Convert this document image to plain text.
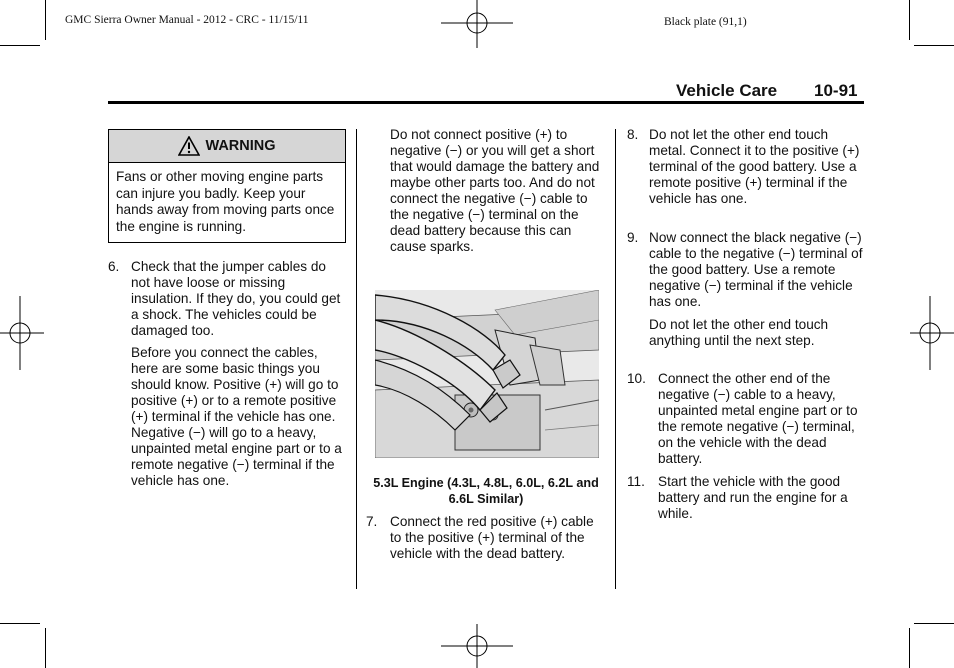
GMC Sierra Owner Manual - 2012 - CRC - 11/15/11	Black plate (91,1)
Vehicle Care 10-91
WARNING
Fans or other moving engine parts can injure you badly. Keep your hands away from moving parts once the engine is running.
6. Check that the jumper cables do not have loose or missing insulation. If they do, you could get a shock. The vehicles could be damaged too.
Before you connect the cables, here are some basic things you should know. Positive (+) will go to positive (+) or to a remote positive (+) terminal if the vehicle has one. Negative (−) will go to a heavy, unpainted metal engine part or to a remote negative (−) terminal if the vehicle has one.
Do not connect positive (+) to negative (−) or you will get a short that would damage the battery and maybe other parts too. And do not connect the negative (−) cable to the negative (−) terminal on the dead battery because this can cause sparks.
5.3L Engine (4.3L, 4.8L, 6.0L, 6.2L and 6.6L Similar)
7. Connect the red positive (+) cable to the positive (+) terminal of the vehicle with the dead battery.
8. Do not let the other end touch metal. Connect it to the positive (+) terminal of the good battery. Use a remote positive (+) terminal if the vehicle has one.
9. Now connect the black negative (−) cable to the negative (−) terminal of the good battery. Use a remote negative (−) terminal if the vehicle has one.
Do not let the other end touch anything until the next step.
10. Connect the other end of the negative (−) cable to a heavy, unpainted metal engine part or to the remote negative (−) terminal, on the vehicle with the dead battery.
11. Start the vehicle with the good battery and run the engine for a while.
